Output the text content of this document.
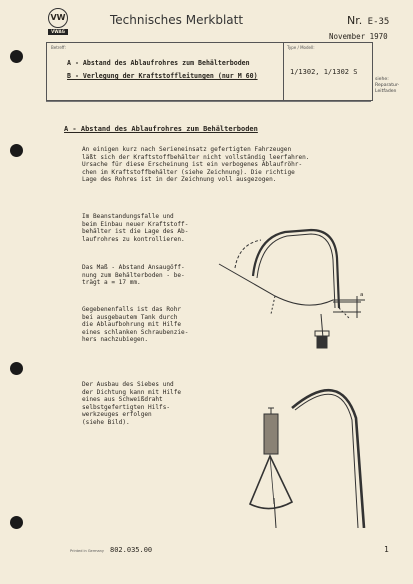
VW
VWAG
Technisches Merkblatt	Nr. E-35
November 1970
Betreff:	Type / Modell:
A - Abstand des Ablaufrohres zum Behälterboden
B - Verlegung der Kraftstoffleitungen (nur M 60)	1/1302, 1/1302 S
siehe:
Reparatur-
Leitfaden
A - Abstand des Ablaufrohres zum Behälterboden
An einigen kurz nach Serieneinsatz gefertigten Fahrzeugen
läßt sich der Kraftstoffbehälter nicht vollständig leerfahren.
Ursache für diese Erscheinung ist ein verbogenes Ablaufröhr-
chen im Kraftstoffbehälter (siehe Zeichnung). Die richtige
Lage des Rohres ist in der Zeichnung voll ausgezogen.
Im Beanstandungsfalle und
beim Einbau neuer Kraftstoff-
behälter ist die Lage des Ab-
laufrohres zu kontrollieren.
Das Maß - Abstand Ansaugöff-
nung zum Behälterboden - be-
trägt a = 17 mm.
Gegebenenfalls ist das Rohr
bei ausgebautem Tank durch
die Ablaufbohrung mit Hilfe
eines schlanken Schraubenzie-
hers nachzubiegen.
Der Ausbau des Siebes und
der Dichtung kann mit Hilfe
eines aus Schweißdraht
selbstgefertigten Hilfs-
werkzeuges erfolgen
(siehe Bild).
a
Printed in Germany 802.035.00	1
